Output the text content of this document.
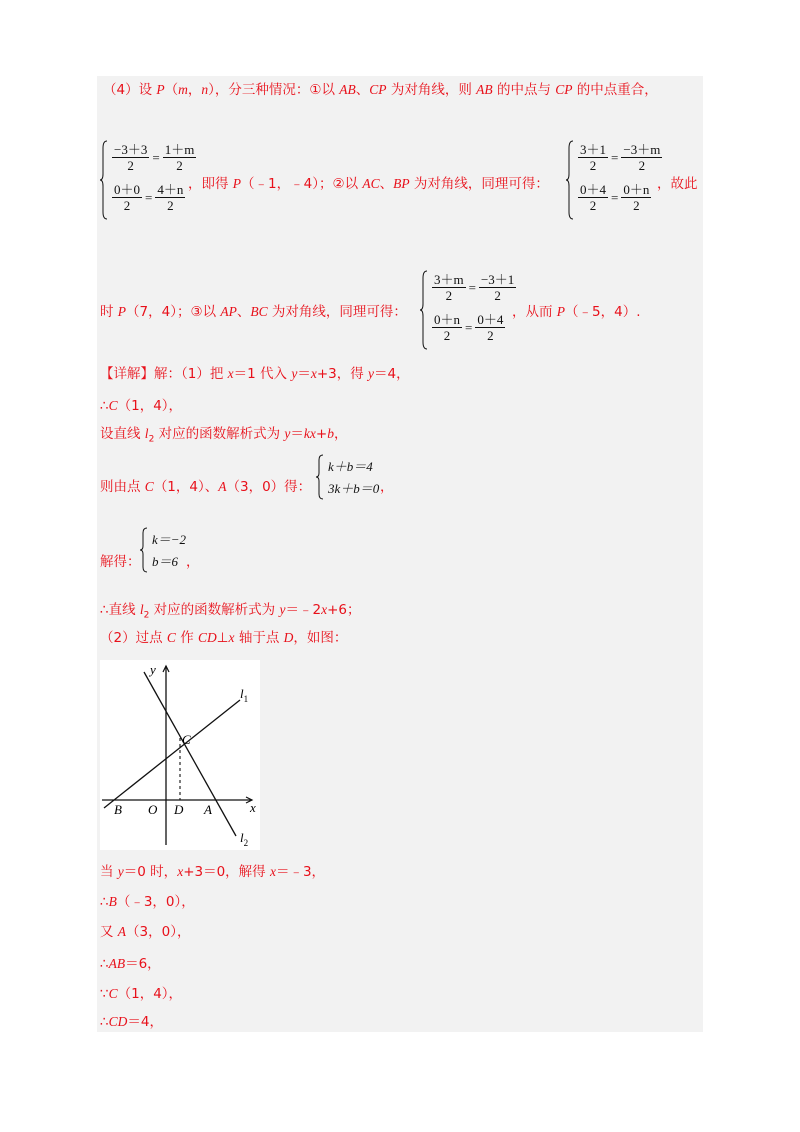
（4）设 P（m，n），分三种情况：①以 AB、CP 为对角线，则 AB 的中点与 CP 的中点重合，
$\frac{-3+3}{2} = \frac{1+m}{2}$
$\frac{0+0}{2} = \frac{4+n}{2}$ ，即得 P（﹣1，﹣4）；②以 AC、BP 为对角线，同理可得：
$\frac{3+1}{2} = \frac{-3+m}{2}$
$\frac{0+4}{2} = \frac{0+n}{2}$ ，故此
时 P（7，4）；③以 AP、BC 为对角线，同理可得：
$\frac{3+m}{2} = \frac{-3+1}{2}$
$\frac{0+n}{2} = \frac{0+4}{2}$ ，从而 P（﹣5，4）.
【详解】解：（1）把 x＝1 代入 y＝x+3，得 y＝4，
∴C（1，4），
设直线 $l_2$ 对应的函数解析式为 y＝kx+b，
则由点 C（1，4）、A（3，0）得：
k＋b＝4
3k＋b＝0 ，
解得：
k＝−2
b＝6 ，
∴直线 $l_2$ 对应的函数解析式为 y＝﹣2x+6；
（2）过点 C 作 CD⊥x 轴于点 D，如图：
y
x
$l_1$
$l_2$
C
B O D A
当 y＝0 时，x+3＝0，解得 x＝﹣3，
∴B（﹣3，0），
又 A（3，0），
∴AB＝6，
∵C（1，4），
∴CD＝4，
